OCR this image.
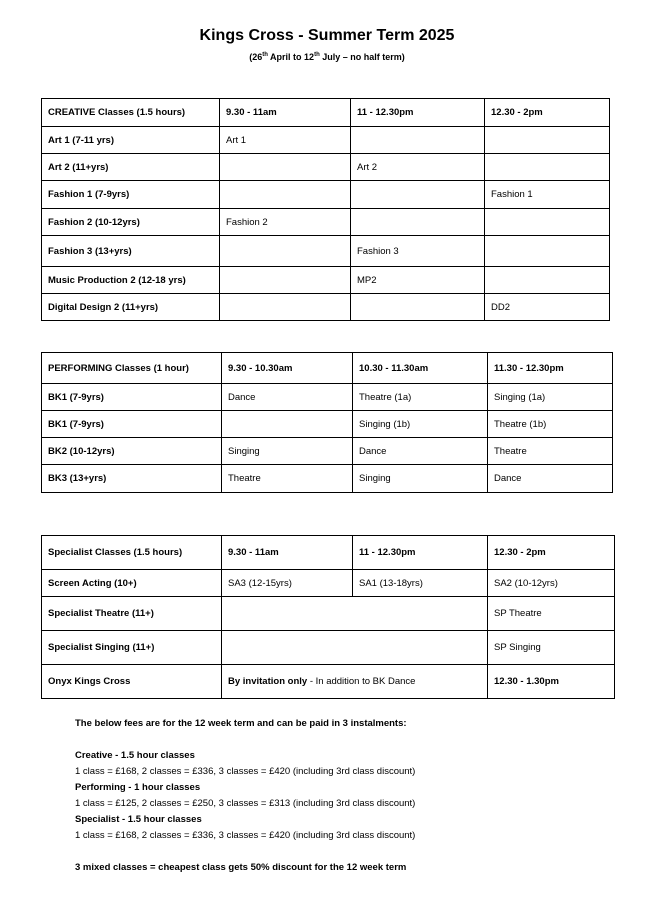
Kings Cross - Summer Term 2025
(26th April to 12th July – no half term)
CREATIVE Classes (1.5 hours)	9.30 - 11am	11 - 12.30pm	12.30 - 2pm
Art 1 (7-11 yrs)	Art 1		
Art 2 (11+yrs)		Art 2	
Fashion 1 (7-9yrs)			Fashion 1
Fashion 2 (10-12yrs)	Fashion 2		
Fashion 3 (13+yrs)		Fashion 3	
Music Production 2 (12-18 yrs)		MP2	
Digital Design 2 (11+yrs)			DD2
PERFORMING Classes (1 hour)	9.30 - 10.30am	10.30 - 11.30am	11.30 - 12.30pm
BK1 (7-9yrs)	Dance	Theatre (1a)	Singing (1a)
BK1 (7-9yrs)		Singing (1b)	Theatre (1b)
BK2 (10-12yrs)	Singing	Dance	Theatre
BK3 (13+yrs)	Theatre	Singing	Dance
Specialist Classes (1.5 hours)	9.30 - 11am	11 - 12.30pm	12.30 - 2pm
Screen Acting (10+)	SA3 (12-15yrs)	SA1 (13-18yrs)	SA2 (10-12yrs)
Specialist Theatre (11+)			SP Theatre
Specialist Singing (11+)			SP Singing
Onyx Kings Cross	By invitation only - In addition to BK Dance		12.30 - 1.30pm
The below fees are for the 12 week term and can be paid in 3 instalments:
Creative - 1.5 hour classes
1 class = £168, 2 classes = £336, 3 classes = £420 (including 3rd class discount)
Performing - 1 hour classes
1 class = £125, 2 classes = £250, 3 classes = £313 (including 3rd class discount)
Specialist - 1.5 hour classes
1 class = £168, 2 classes = £336, 3 classes = £420 (including 3rd class discount)
3 mixed classes = cheapest class gets 50% discount for the 12 week term
